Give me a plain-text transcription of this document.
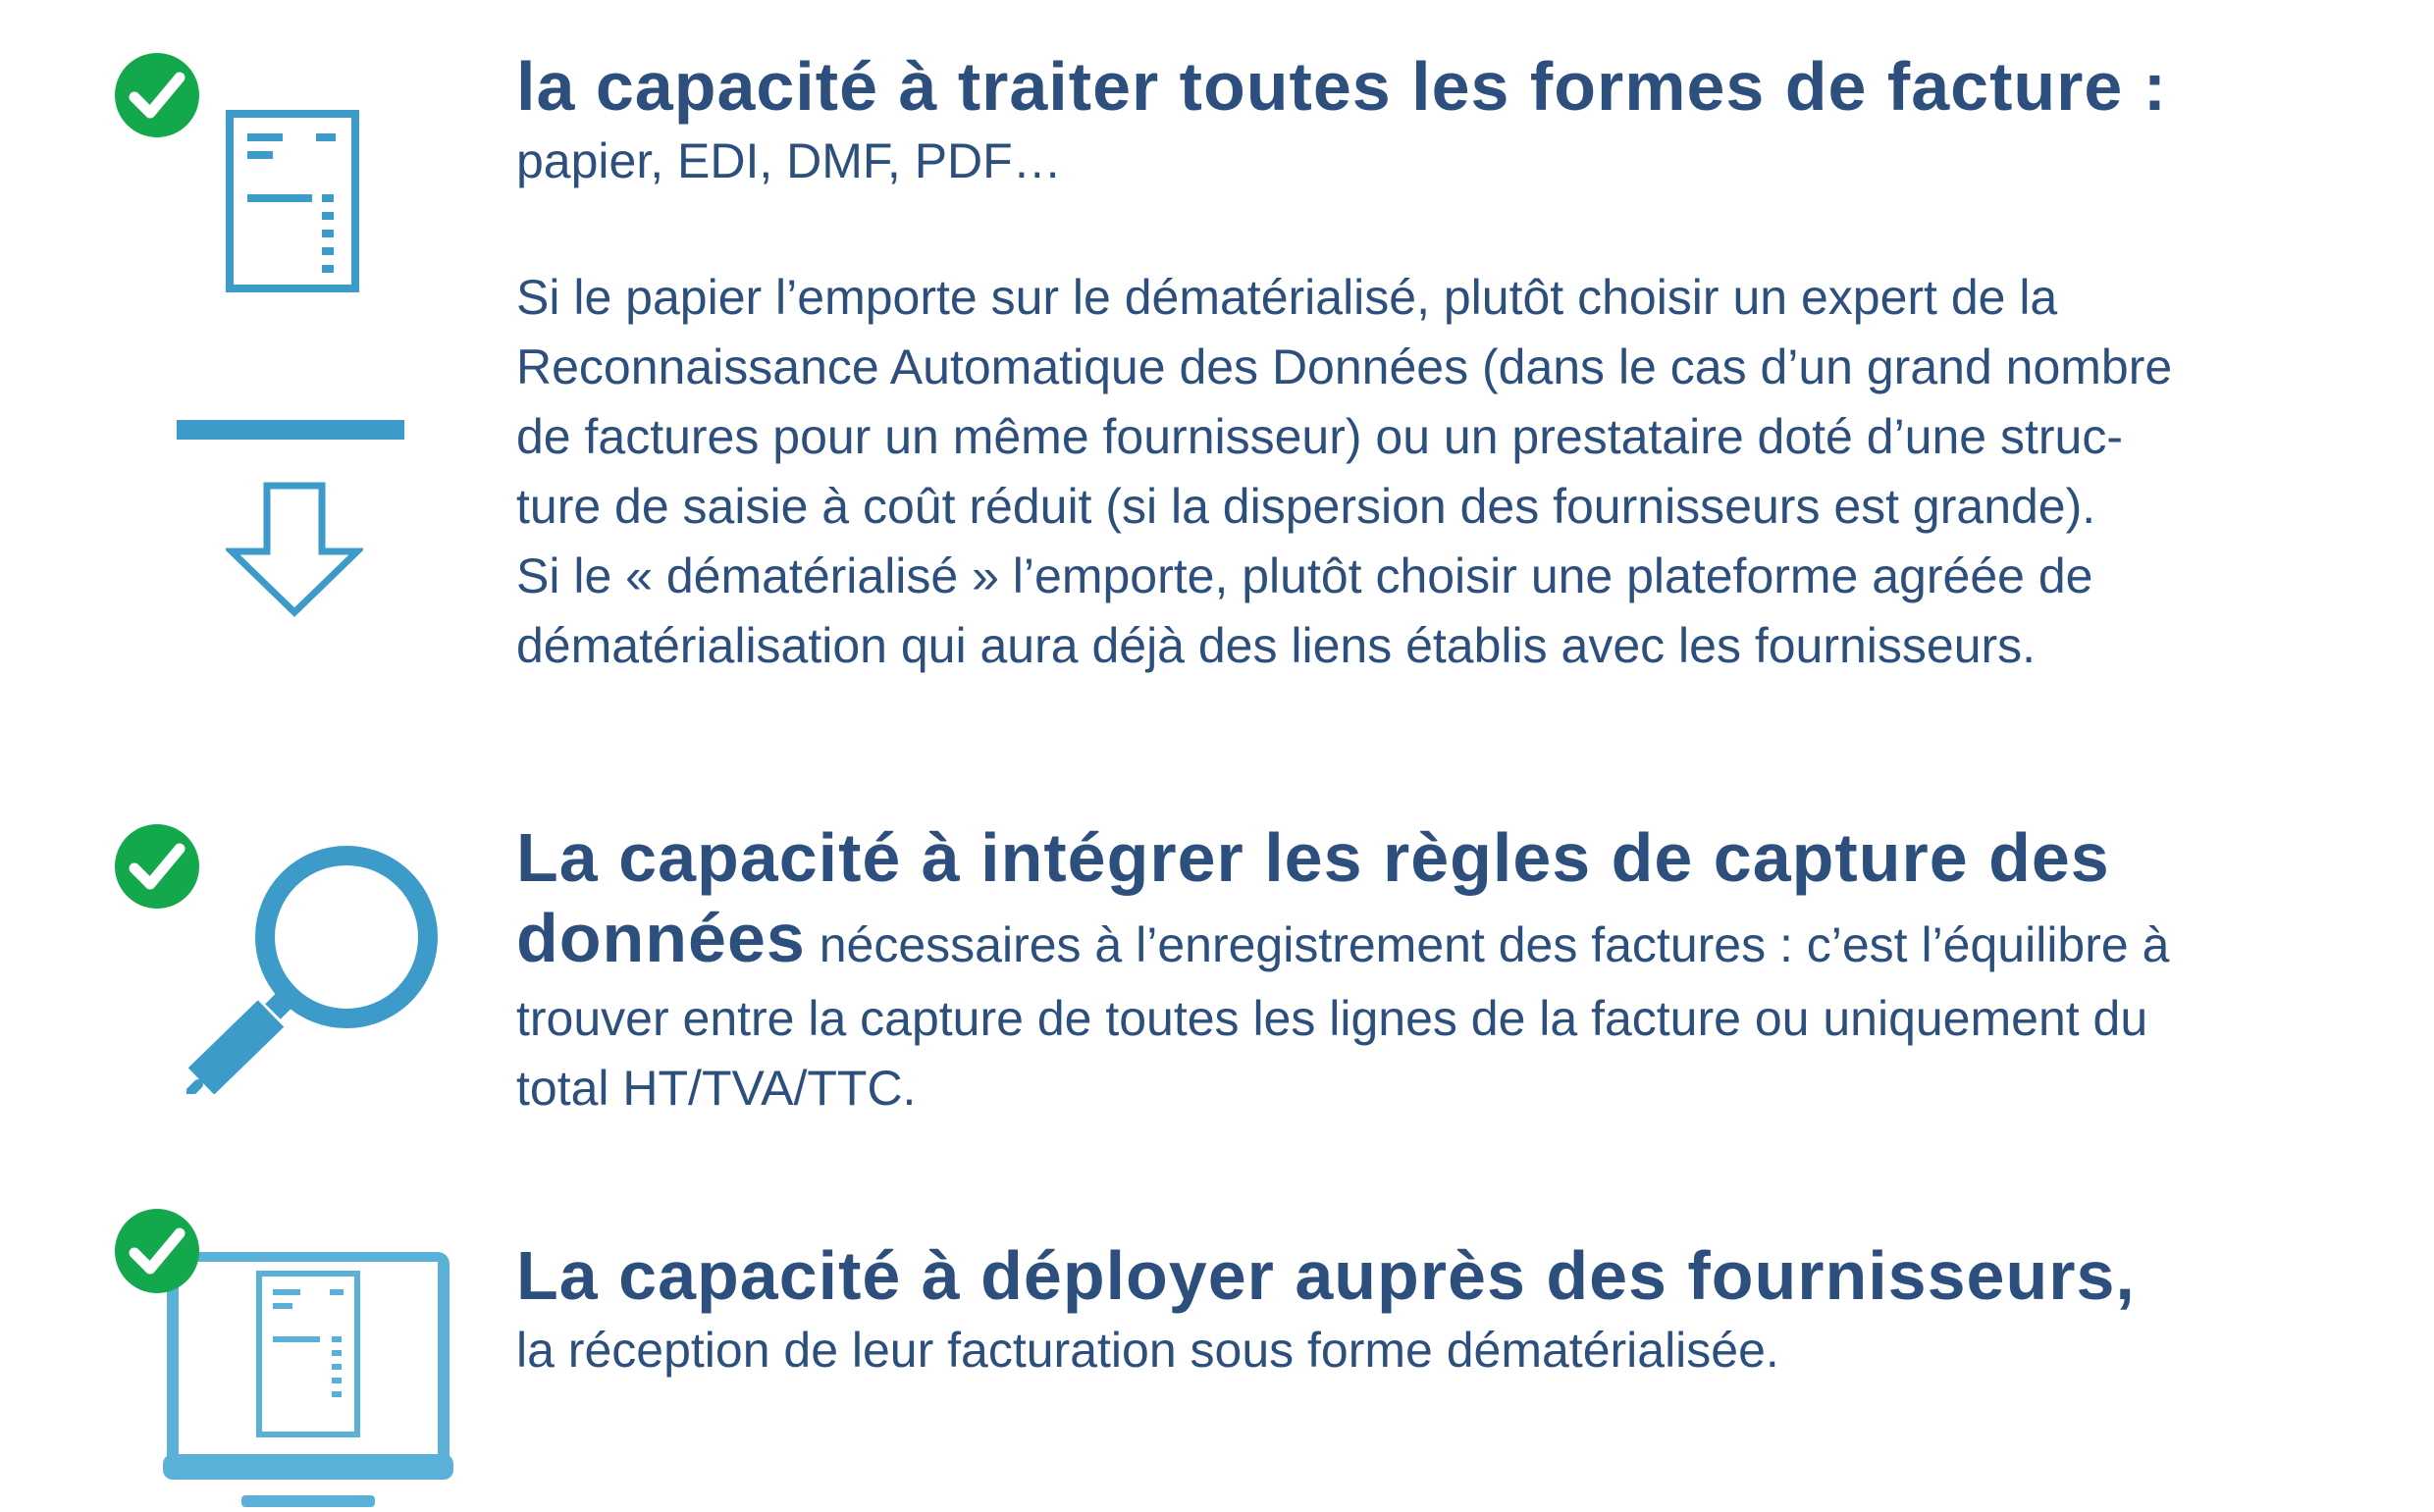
la capacité à traiter toutes les formes de facture :

papier, EDI, DMF, PDF…

Si le papier l’emporte sur le dématérialisé, plutôt choisir un expert de la
Reconnaissance Automatique des Données (dans le cas d’un grand nombre
de factures pour un même fournisseur) ou un prestataire doté d’une struc-
ture de saisie à coût réduit (si la dispersion des fournisseurs est grande).
Si le « dématérialisé » l’emporte, plutôt choisir une plateforme agréée de
dématérialisation qui aura déjà des liens établis avec les fournisseurs.

La capacité à intégrer les règles de capture des

données nécessaires à l’enregistrement des factures : c’est l’équilibre à

trouver entre la capture de toutes les lignes de la facture ou uniquement du
total HT/TVA/TTC.

La capacité à déployer auprès des fournisseurs,

la réception de leur facturation sous forme dématérialisée.
